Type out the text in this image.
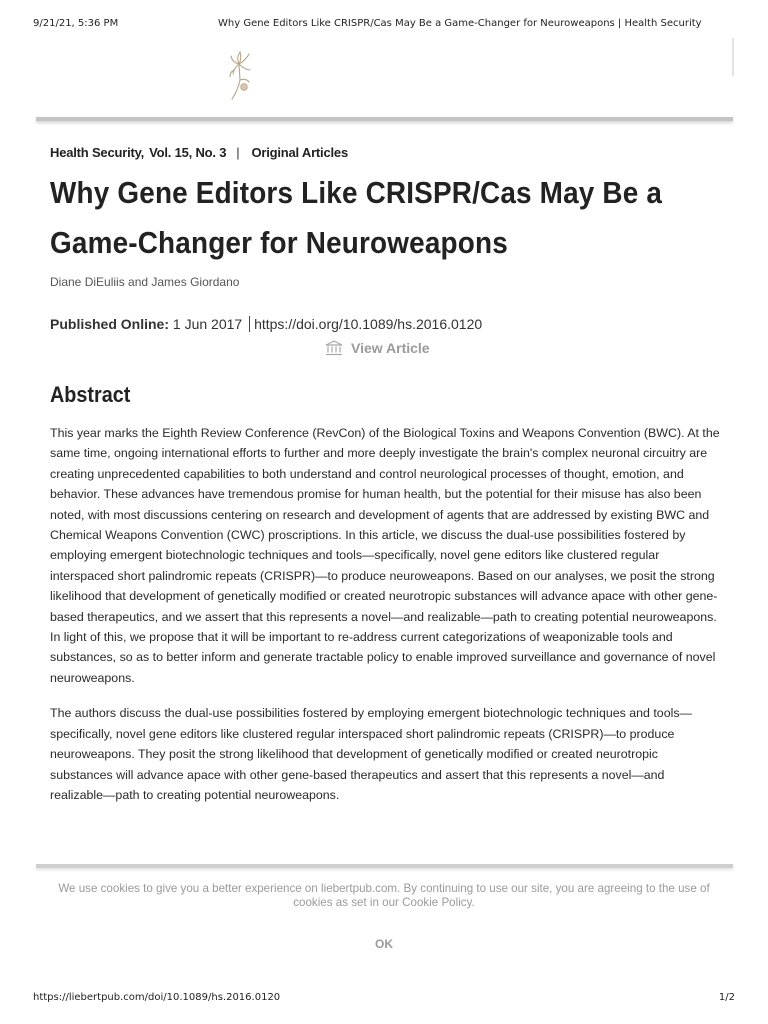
9/21/21, 5:36 PM	Why Gene Editors Like CRISPR/Cas May Be a Game-Changer for Neuroweapons | Health Security
Health Security, Vol. 15, No. 3 | Original Articles
Why Gene Editors Like CRISPR/Cas May Be a Game-Changer for Neuroweapons
Diane DiEuliis and James Giordano
Published Online: 1 Jun 2017 https://doi.org/10.1089/hs.2016.0120
View Article
Abstract

This year marks the Eighth Review Conference (RevCon) of the Biological Toxins and Weapons Convention (BWC). At the same time, ongoing international efforts to further and more deeply investigate the brain's complex neuronal circuitry are creating unprecedented capabilities to both understand and control neurological processes of thought, emotion, and behavior. These advances have tremendous promise for human health, but the potential for their misuse has also been noted, with most discussions centering on research and development of agents that are addressed by existing BWC and Chemical Weapons Convention (CWC) proscriptions. In this article, we discuss the dual-use possibilities fostered by employing emergent biotechnologic techniques and tools—specifically, novel gene editors like clustered regular interspaced short palindromic repeats (CRISPR)—to produce neuroweapons. Based on our analyses, we posit the strong likelihood that development of genetically modified or created neurotropic substances will advance apace with other gene-based therapeutics, and we assert that this represents a novel—and realizable—path to creating potential neuroweapons. In light of this, we propose that it will be important to re-address current categorizations of weaponizable tools and substances, so as to better inform and generate tractable policy to enable improved surveillance and governance of novel neuroweapons.

The authors discuss the dual-use possibilities fostered by employing emergent biotechnologic techniques and tools—specifically, novel gene editors like clustered regular interspaced short palindromic repeats (CRISPR)—to produce neuroweapons. They posit the strong likelihood that development of genetically modified or created neurotropic substances will advance apace with other gene-based therapeutics and assert that this represents a novel—and realizable—path to creating potential neuroweapons.

We use cookies to give you a better experience on liebertpub.com. By continuing to use our site, you are agreeing to the use of cookies as set in our Cookie Policy.
OK
https://liebertpub.com/doi/10.1089/hs.2016.0120	1/2
